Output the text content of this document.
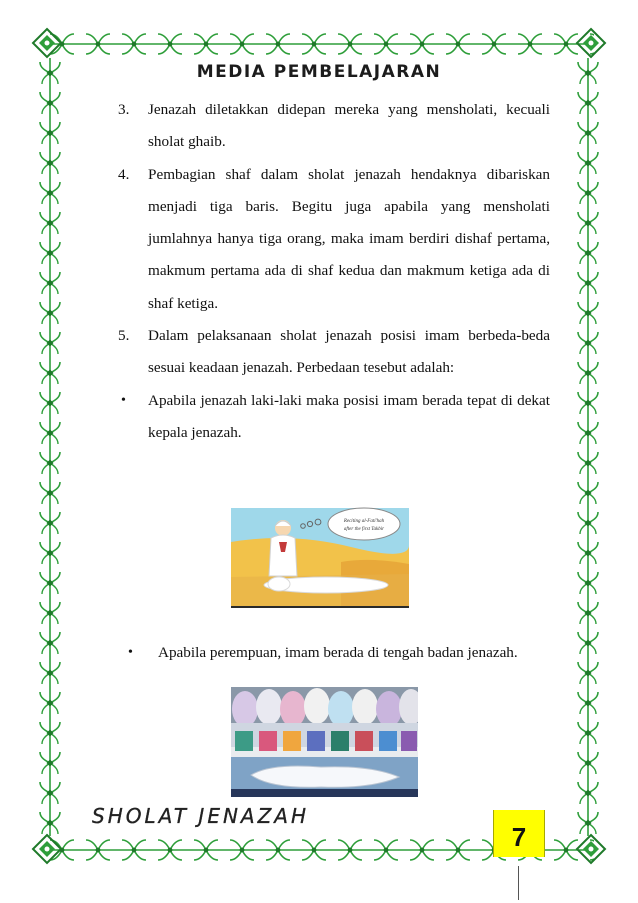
MEDIA PEMBELAJARAN
3. Jenazah diletakkan didepan mereka yang mensholati, kecuali sholat ghaib.
4. Pembagian shaf dalam sholat jenazah hendaknya dibariskan menjadi tiga baris. Begitu juga apabila yang mensholati jumlahnya hanya tiga orang, maka imam berdiri dishaf pertama, makmum pertama ada di shaf kedua dan makmum ketiga ada di shaf ketiga.
5. Dalam pelaksanaan sholat jenazah posisi imam berbeda-beda sesuai keadaan jenazah. Perbedaan tesebut adalah:
• Apabila jenazah laki-laki maka posisi imam berada tepat di dekat kepala jenazah.
Reciting al-Fati'hah
after the first Takbir
•	Apabila perempuan, imam berada di tengah badan jenazah.
SHOLAT JENAZAH
7
